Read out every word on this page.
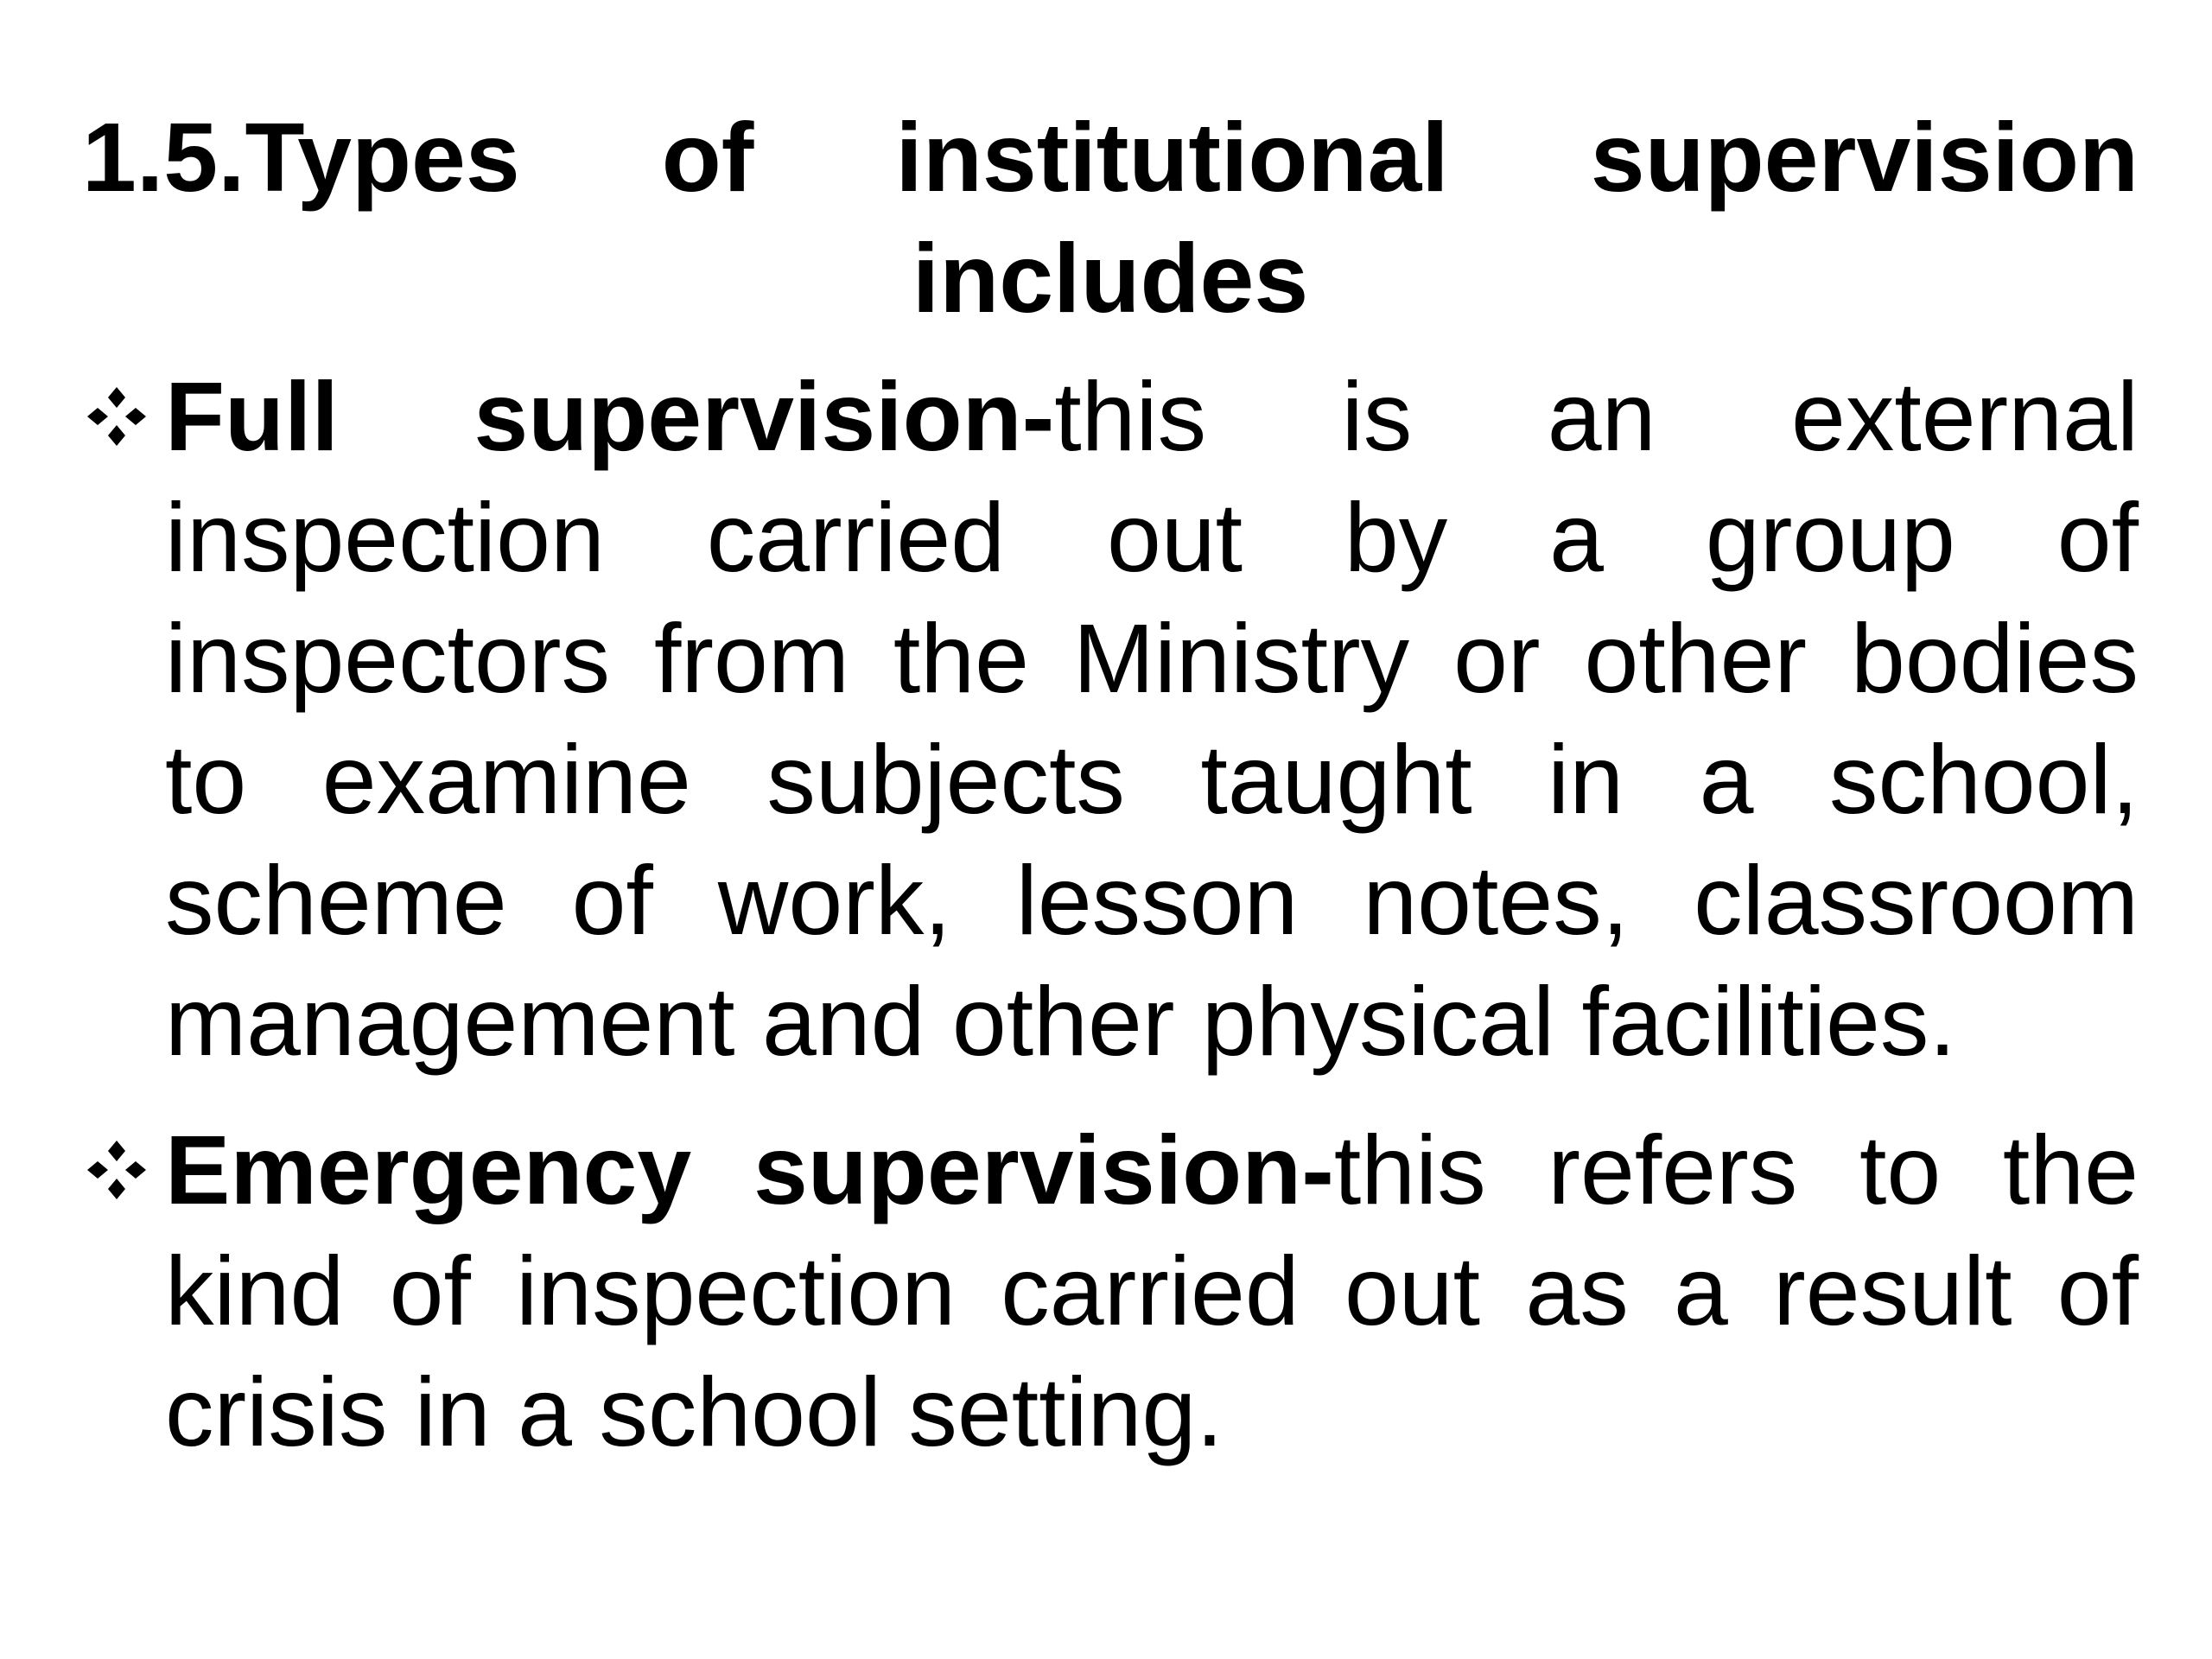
1.5.Types of institutional supervision includes
Full supervision-this is an external inspection carried out by a group of inspectors from the Ministry or other bodies to examine subjects taught in a school, scheme of work, lesson notes, classroom management and other physical facilities.
Emergency supervision-this refers to the kind of inspection carried out as a result of crisis in a school setting.
